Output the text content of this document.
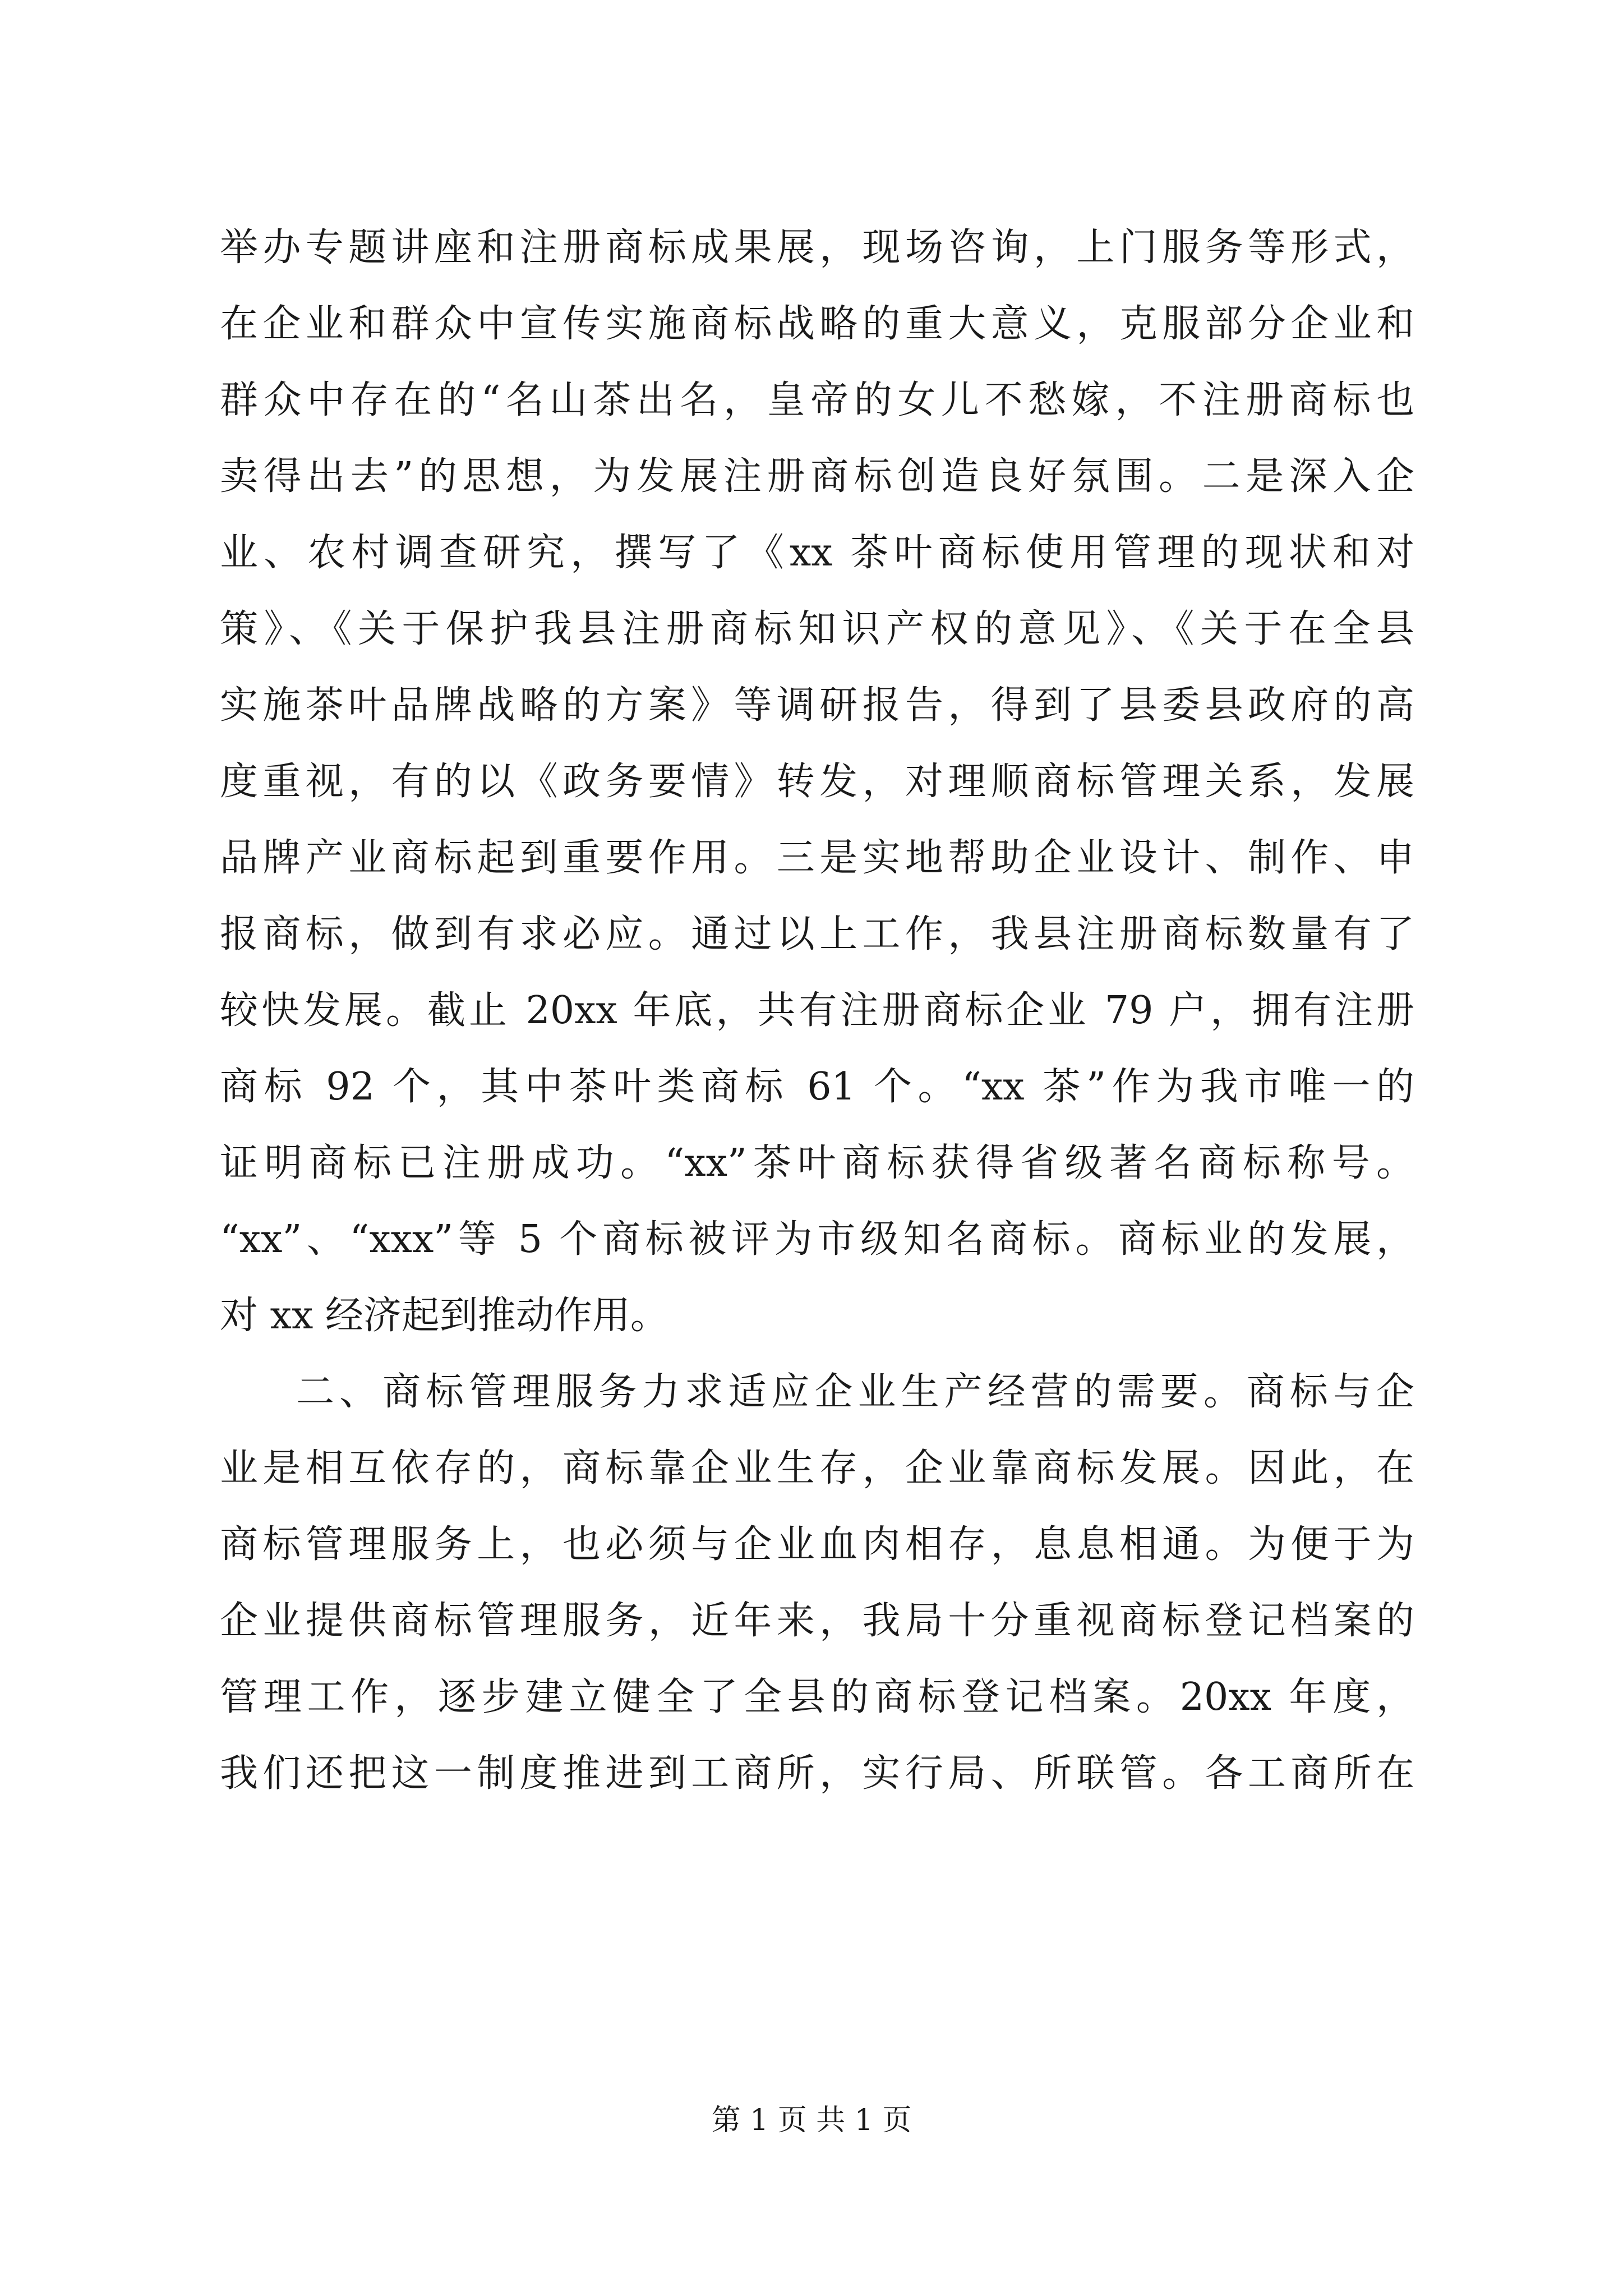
举办专题讲座和注册商标成果展，现场咨询，上门服务等形式，
在企业和群众中宣传实施商标战略的重大意义，克服部分企业和
群众中存在的“名山茶出名，皇帝的女儿不愁嫁，不注册商标也
卖得出去”的思想，为发展注册商标创造良好氛围。二是深入企
业、农村调查研究，撰写了《xx 茶叶商标使用管理的现状和对
策》、《关于保护我县注册商标知识产权的意见》、《关于在全县
实施茶叶品牌战略的方案》等调研报告，得到了县委县政府的高
度重视，有的以《政务要情》转发，对理顺商标管理关系，发展
品牌产业商标起到重要作用。三是实地帮助企业设计、制作、申
报商标，做到有求必应。通过以上工作，我县注册商标数量有了
较快发展。截止 20xx 年底，共有注册商标企业 79 户，拥有注册
商标 92 个，其中茶叶类商标 61 个。“xx 茶”作为我市唯一的
证明商标已注册成功。“xx”茶叶商标获得省级著名商标称号。
“xx”、“xxx”等 5 个商标被评为市级知名商标。商标业的发展，
对 xx 经济起到推动作用。
二、商标管理服务力求适应企业生产经营的需要。商标与企
业是相互依存的，商标靠企业生存，企业靠商标发展。因此，在
商标管理服务上，也必须与企业血肉相存，息息相通。为便于为
企业提供商标管理服务，近年来，我局十分重视商标登记档案的
管理工作，逐步建立健全了全县的商标登记档案。20xx 年度，
我们还把这一制度推进到工商所，实行局、所联管。各工商所在
第 1 页 共 1 页
